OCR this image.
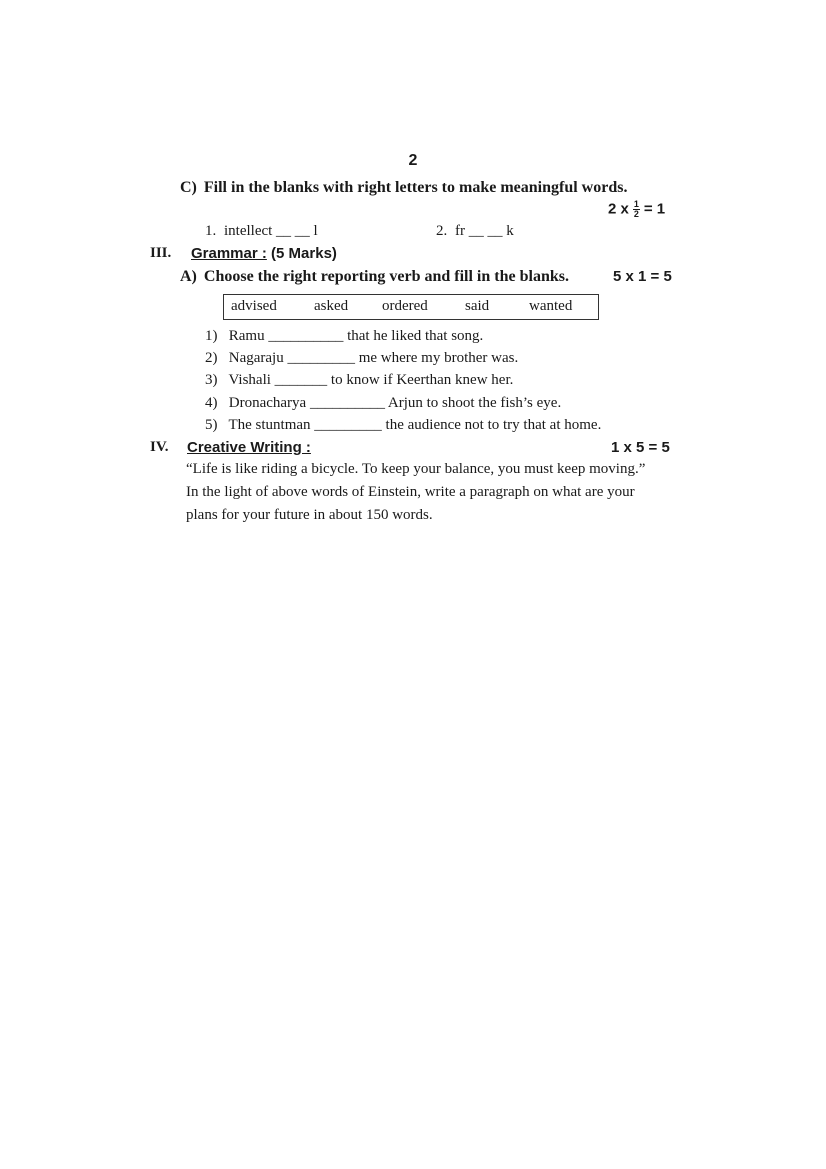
2
C) Fill in the blanks with right letters to make meaningful words.
2 x $\frac{1}{2} = 1$
1. intellect __ __ l	2. fr __ __ k
III. Grammar : (5 Marks)
A) Choose the right reporting verb and fill in the blanks.	5 x 1 = 5
advised asked ordered said	wanted
1) Ramu __________ that he liked that song.
2) Nagaraju _________ me where my brother was.
3) Vishali _______ to know if Keerthan knew her.
4) Dronacharya __________ Arjun to shoot the fish’s eye.
5) The stuntman _________ the audience not to try that at home.
IV. Creative Writing :	1 x 5 = 5
“Life is like riding a bicycle. To keep your balance, you must keep moving.”
In the light of above words of Einstein, write a paragraph on what are your
plans for your future in about 150 words.
